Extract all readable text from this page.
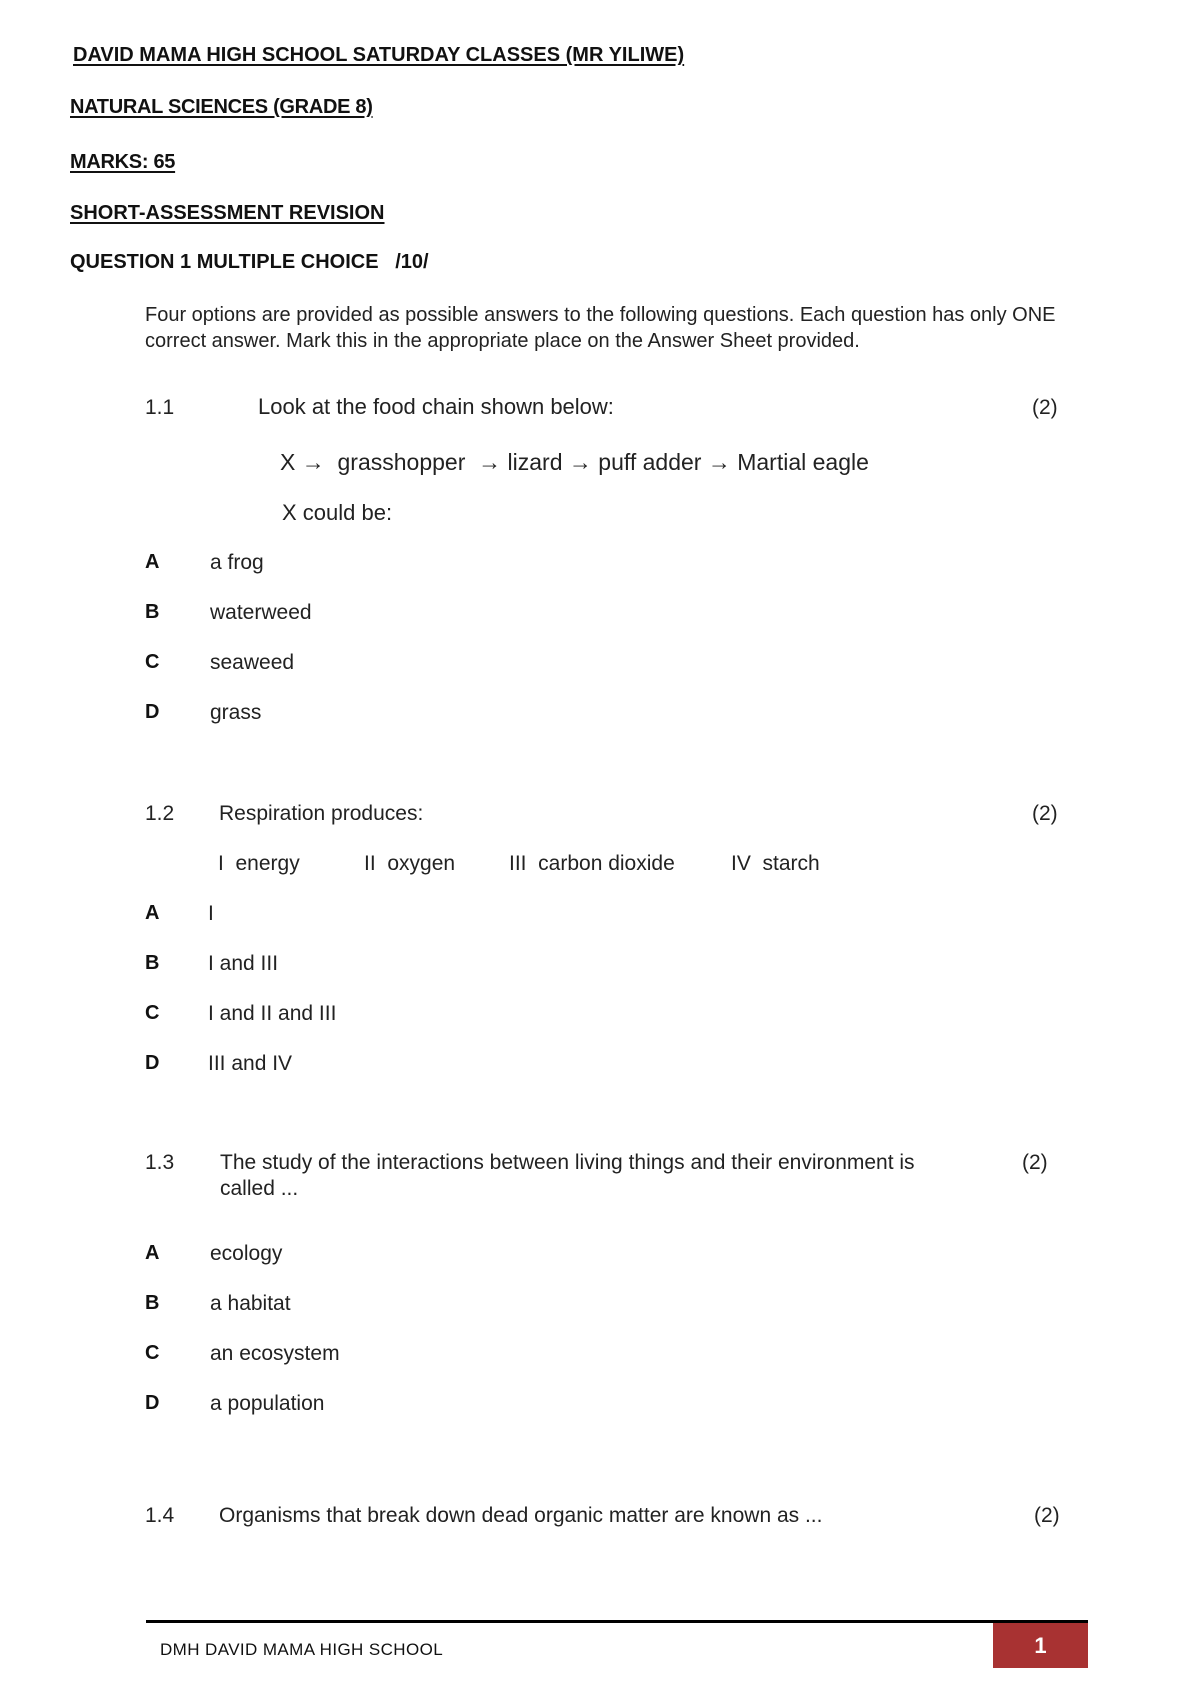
DAVID MAMA HIGH SCHOOL SATURDAY CLASSES (MR YILIWE)
NATURAL SCIENCES (GRADE 8)
MARKS: 65
SHORT-ASSESSMENT REVISION
QUESTION 1 MULTIPLE CHOICE   /10/
Four options are provided as possible answers to the following questions. Each question has only ONE correct answer. Mark this in the appropriate place on the Answer Sheet provided.
1.1	Look at the food chain shown below:	(2)
X →  grasshopper  → lizard → puff adder → Martial eagle
X could be:
A a frog
B waterweed
C seaweed
D grass
1.2 Respiration produces:	(2)
I  energy	II  oxygen	III  carbon dioxide	IV  starch
A I
B I and III
C I and II and III
D III and IV
1.3 The study of the interactions between living things and their environment is
called ...
(2)
A ecology
B a habitat
C an ecosystem
D a population
1.4 Organisms that break down dead organic matter are known as ...	(2)
DMH DAVID MAMA HIGH SCHOOL	1
